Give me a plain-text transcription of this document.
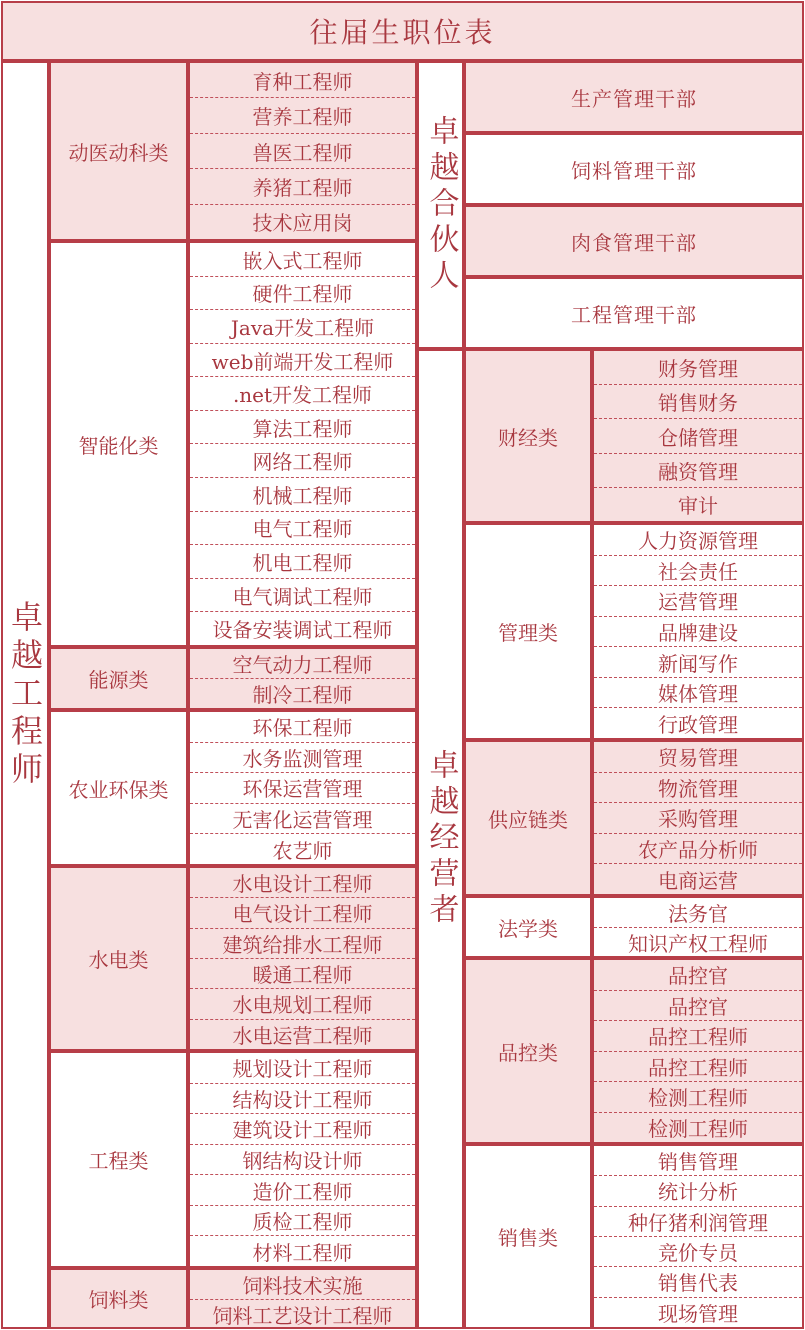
往届生职位表
卓越工程师
动医动科类
育种工程师
营养工程师
兽医工程师
养猪工程师
技术应用岗
智能化类
嵌入式工程师
硬件工程师
Java开发工程师
web前端开发工程师
.net开发工程师
算法工程师
网络工程师
机械工程师
电气工程师
机电工程师
电气调试工程师
设备安装调试工程师
能源类
空气动力工程师
制冷工程师
农业环保类
环保工程师
水务监测管理
环保运营管理
无害化运营管理
农艺师
水电类
水电设计工程师
电气设计工程师
建筑给排水工程师
暖通工程师
水电规划工程师
水电运营工程师
工程类
规划设计工程师
结构设计工程师
建筑设计工程师
钢结构设计师
造价工程师
质检工程师
材料工程师
饲料类
饲料技术实施
饲料工艺设计工程师
卓越合伙人
卓越经营者
生产管理干部
饲料管理干部
肉食管理干部
工程管理干部
财经类
财务管理
销售财务
仓储管理
融资管理
审计
管理类
人力资源管理
社会责任
运营管理
品牌建设
新闻写作
媒体管理
行政管理
供应链类
贸易管理
物流管理
采购管理
农产品分析师
电商运营
法学类
法务官
知识产权工程师
品控类
品控官
品控官
品控工程师
品控工程师
检测工程师
检测工程师
销售类
销售管理
统计分析
种仔猪利润管理
竞价专员
销售代表
现场管理
